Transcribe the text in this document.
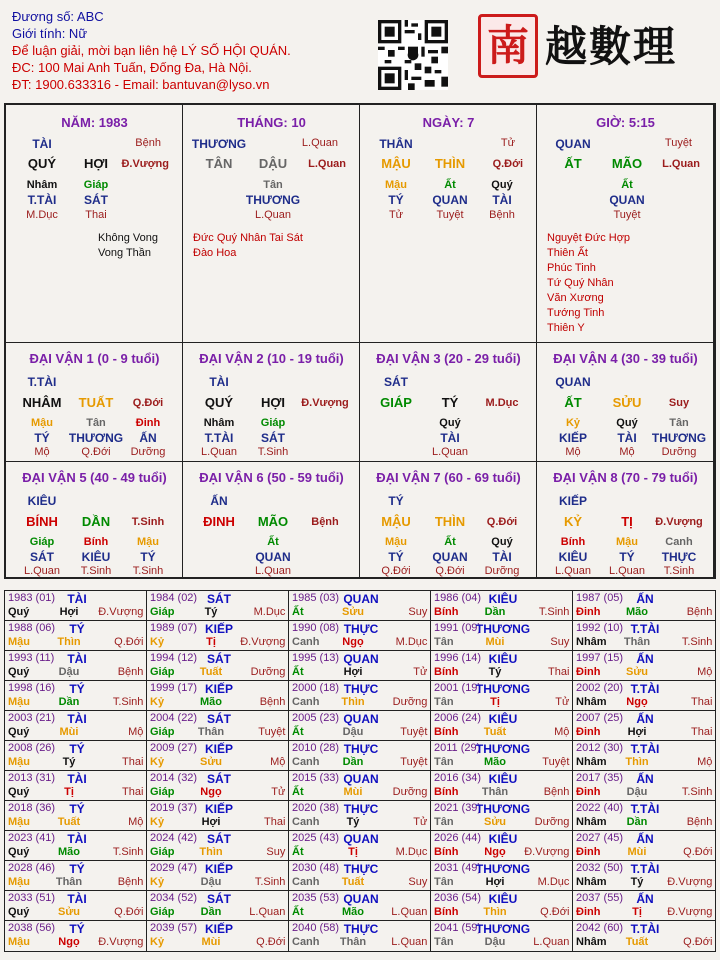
Đương số: ABC
Giới tính: Nữ
Để luận giải, mời bạn liên hệ LÝ SỐ HỘI QUÁN.
ĐC: 100 Mai Anh Tuấn, Đống Đa, Hà Nội.
ĐT: 1900.633316 - Email: bantuvan@lyso.vn
南 越數理
NĂM: 1983
TÀI	Bệnh
QUÝ HỢI Đ.Vượng
Nhâm
T.TÀI
M.Dục
Giáp
SÁT
Thai
Không Vong
Vong Thần
THÁNG: 10
THƯƠNG	L.Quan
TÂN DẬU L.Quan
Tân
THƯƠNG
L.Quan
Đức Quý Nhân Tai Sát
Đào Hoa
NGÀY: 7
THÂN	Tử
MẬU THÌN Q.Đới
Mậu
TÝ
Tử
Ất
QUAN
Tuyệt
Quý
TÀI
Bệnh
GIỜ: 5:15
QUAN	Tuyệt
ẤT MÃO L.Quan
Ất
QUAN
Tuyệt
Nguyệt Đức Hợp
Thiên Ất
Phúc Tinh
Tứ Quý Nhân
Văn Xương
Tướng Tinh
Thiên Y
ĐẠI VẬN 1 (0 - 9 tuổi)
T.TÀI
NHÂM TUẤT Q.Đới
Mậu
TÝ
Mộ
Tân
THƯƠNG
Q.Đới
Đinh
ẤN
Dưỡng
ĐẠI VẬN 2 (10 - 19 tuổi)
TÀI
QUÝ HỢI Đ.Vượng
Nhâm
T.TÀI
L.Quan
Giáp
SÁT
T.Sinh
ĐẠI VẬN 3 (20 - 29 tuổi)
SÁT
GIÁP TÝ M.Dục
Quý
TÀI
L.Quan
ĐẠI VẬN 4 (30 - 39 tuổi)
QUAN
ẤT SỬU Suy
Kỷ
KIẾP
Mộ
Quý
TÀI
Mộ
Tân
THƯƠNG
Dưỡng
ĐẠI VẬN 5 (40 - 49 tuổi)
KIÊU
BÍNH DẦN T.Sinh
Giáp
SÁT
L.Quan
Bính
KIÊU
T.Sinh
Mậu
TÝ
T.Sinh
ĐẠI VẬN 6 (50 - 59 tuổi)
ẤN
ĐINH MÃO Bệnh
Ất
QUAN
L.Quan
ĐẠI VẬN 7 (60 - 69 tuổi)
TÝ
MẬU THÌN Q.Đới
Mậu
TÝ
Q.Đới
Ất
QUAN
Q.Đới
Quý
TÀI
Dưỡng
ĐẠI VẬN 8 (70 - 79 tuổi)
KIẾP
KỶ	TỊ Đ.Vượng
Bính
KIÊU
L.Quan
Mậu
TÝ
L.Quan
Canh
THỰC
T.Sinh
1983 (01) TÀI
Quý	Hợi Đ.Vượng
1984 (02) SÁT
Giáp	Tý	M.Dục
1985 (03) QUAN
Ất	Sửu	Suy
1986 (04) KIÊU
Bính Dần	T.Sinh
1987 (05) ẤN
Đinh Mão	Bệnh
1988 (06) TÝ
Mậu Thìn	Q.Đới
1989 (07) KIẾP
Kỷ	Tị Đ.Vượng
1990 (08) THỰC
Canh Ngọ	M.Dục
1991 (09)
THƯƠNG
Tân	Mùi	Suy
1992 (10) T.TÀI
Nhâm Thân	T.Sinh
1993 (11) TÀI
Quý	Dậu	Bệnh
1994 (12) SÁT
Giáp Tuất	Dưỡng
1995 (13) QUAN
Ất	Hợi	Tử
1996 (14) KIÊU
Bính	Tý	Thai
1997 (15) ẤN
Đinh Sửu	Mộ
1998 (16) TÝ
Mậu	Dần	T.Sinh
1999 (17) KIẾP
Kỷ	Mão	Bệnh
2000 (18) THỰC
Canh Thìn	Dưỡng
2001 (19)
THƯƠNG
Tân	Tị	Tử
2002 (20) T.TÀI
Nhâm Ngọ	Thai
2003 (21) TÀI
Quý	Mùi	Mộ
2004 (22) SÁT
Giáp Thân	Tuyệt
2005 (23) QUAN
Ất	Dậu	Tuyệt
2006 (24) KIÊU
Bính Tuất	Mộ
2007 (25) ẤN
Đinh Hợi	Thai
2008 (26) TÝ
Mậu	Tý	Thai
2009 (27) KIẾP
Kỷ	Sửu	Mộ
2010 (28) THỰC
Canh Dần	Tuyệt
2011 (29)
THƯƠNG
Tân	Mão	Tuyệt
2012 (30) T.TÀI
Nhâm Thìn	Mộ
2013 (31) TÀI
Quý	Tị	Thai
2014 (32) SÁT
Giáp Ngọ	Tử
2015 (33) QUAN
Ất	Mùi	Dưỡng
2016 (34) KIÊU
Bính Thân	Bệnh
2017 (35) ẤN
Đinh Dậu	T.Sinh
2018 (36) TÝ
Mậu	Tuất	Mộ
2019 (37) KIẾP
Kỷ	Hợi	Thai
2020 (38) THỰC
Canh Tý	Tử
2021 (39)
THƯƠNG
Tân	Sửu	Dưỡng
2022 (40) T.TÀI
Nhâm Dần	Bệnh
2023 (41) TÀI
Quý	Mão	T.Sinh
2024 (42) SÁT
Giáp Thìn	Suy
2025 (43) QUAN
Ất	Tị	M.Dục
2026 (44) KIÊU
Bính Ngọ Đ.Vượng
2027 (45) ẤN
Đinh Mùi	Q.Đới
2028 (46) TÝ
Mậu Thân	Bệnh
2029 (47) KIẾP
Kỷ	Dậu	T.Sinh
2030 (48) THỰC
Canh Tuất	Suy
2031 (49)
THƯƠNG
Tân	Hợi	M.Dục
2032 (50) T.TÀI
Nhâm Tý Đ.Vượng
2033 (51) TÀI
Quý	Sửu	Q.Đới
2034 (52) SÁT
Giáp Dần	L.Quan
2035 (53) QUAN
Ất	Mão L.Quan
2036 (54) KIÊU
Bính Thìn	Q.Đới
2037 (55) ẤN
Đinh	Tị Đ.Vượng
2038 (56) TÝ
Mậu	Ngọ Đ.Vượng
2039 (57) KIẾP
Kỷ	Mùi	Q.Đới
2040 (58) THỰC
Canh Thân L.Quan
2041 (59)
THƯƠNG
Tân	Dậu	L.Quan
2042 (60) T.TÀI
Nhâm Tuất	Q.Đới
